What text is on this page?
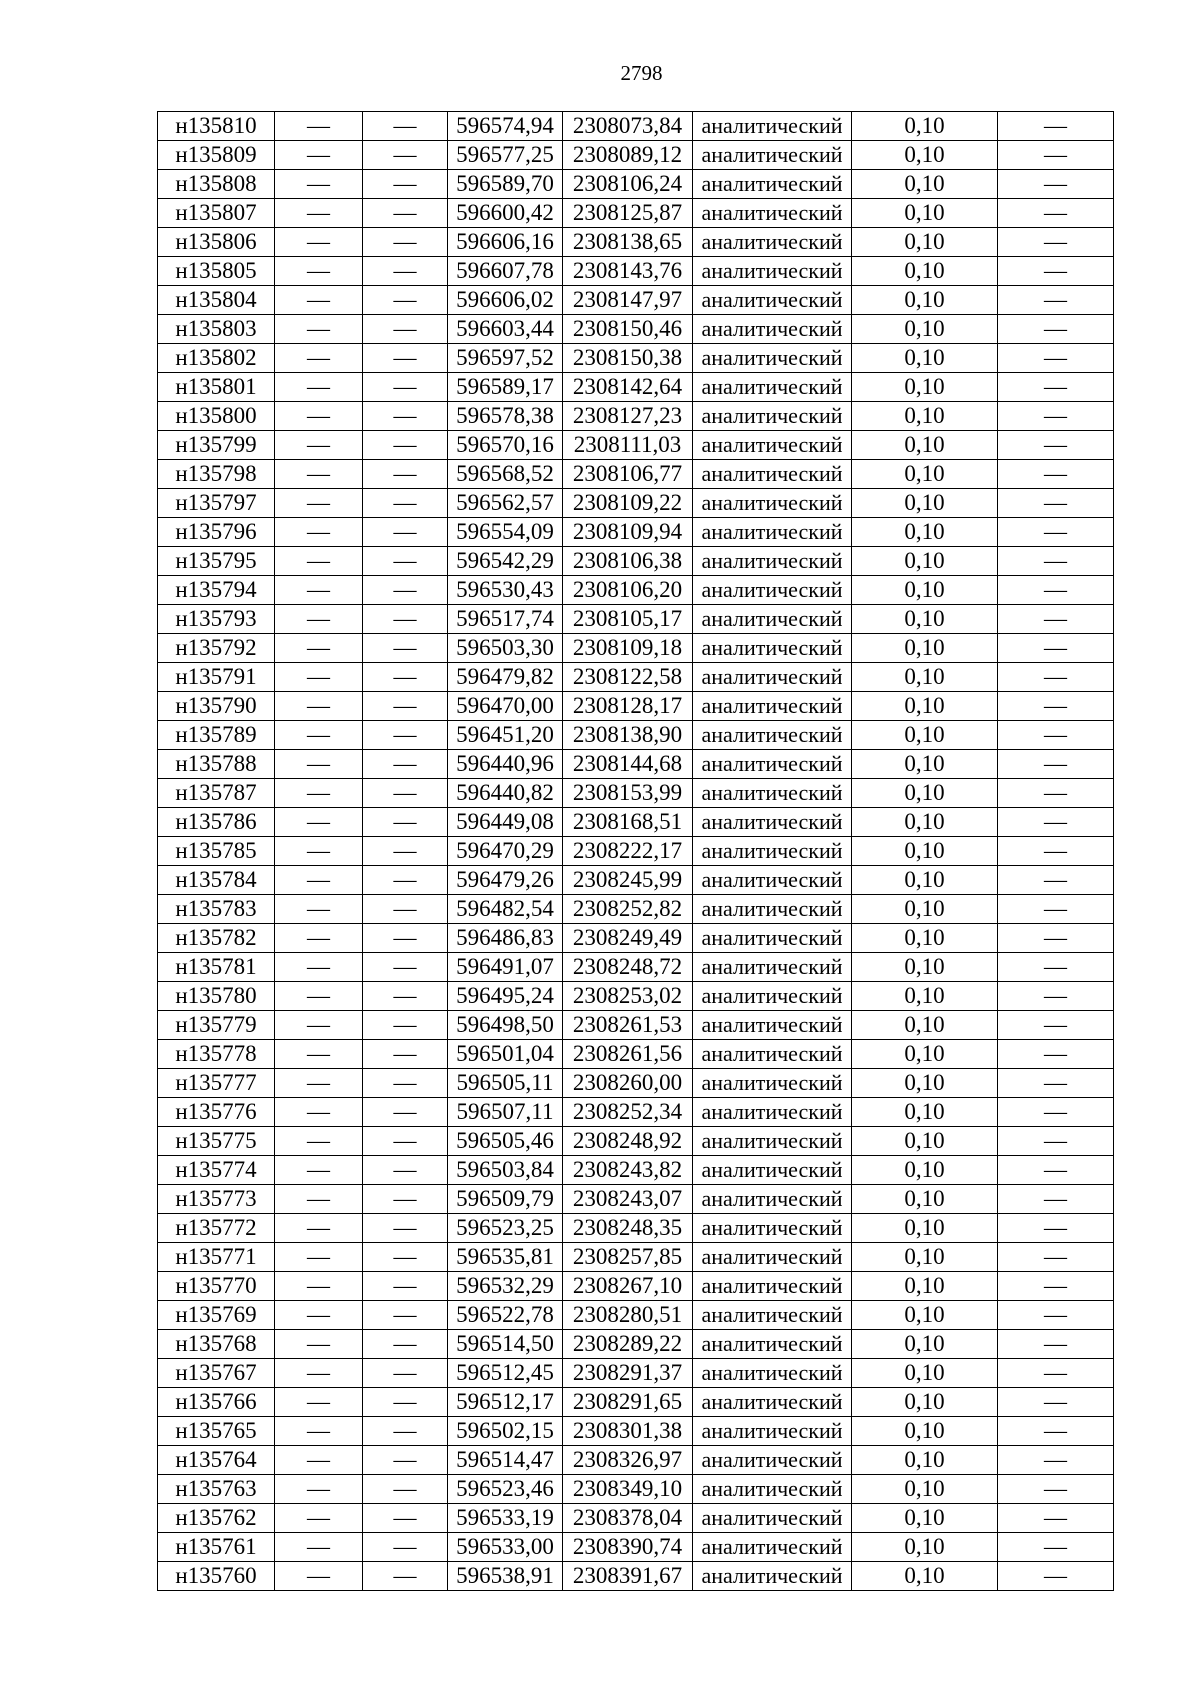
2798
н135810	—	—	596574,94	2308073,84	аналитический	0,10	—
н135809	—	—	596577,25	2308089,12	аналитический	0,10	—
н135808	—	—	596589,70	2308106,24	аналитический	0,10	—
н135807	—	—	596600,42	2308125,87	аналитический	0,10	—
н135806	—	—	596606,16	2308138,65	аналитический	0,10	—
н135805	—	—	596607,78	2308143,76	аналитический	0,10	—
н135804	—	—	596606,02	2308147,97	аналитический	0,10	—
н135803	—	—	596603,44	2308150,46	аналитический	0,10	—
н135802	—	—	596597,52	2308150,38	аналитический	0,10	—
н135801	—	—	596589,17	2308142,64	аналитический	0,10	—
н135800	—	—	596578,38	2308127,23	аналитический	0,10	—
н135799	—	—	596570,16	2308111,03	аналитический	0,10	—
н135798	—	—	596568,52	2308106,77	аналитический	0,10	—
н135797	—	—	596562,57	2308109,22	аналитический	0,10	—
н135796	—	—	596554,09	2308109,94	аналитический	0,10	—
н135795	—	—	596542,29	2308106,38	аналитический	0,10	—
н135794	—	—	596530,43	2308106,20	аналитический	0,10	—
н135793	—	—	596517,74	2308105,17	аналитический	0,10	—
н135792	—	—	596503,30	2308109,18	аналитический	0,10	—
н135791	—	—	596479,82	2308122,58	аналитический	0,10	—
н135790	—	—	596470,00	2308128,17	аналитический	0,10	—
н135789	—	—	596451,20	2308138,90	аналитический	0,10	—
н135788	—	—	596440,96	2308144,68	аналитический	0,10	—
н135787	—	—	596440,82	2308153,99	аналитический	0,10	—
н135786	—	—	596449,08	2308168,51	аналитический	0,10	—
н135785	—	—	596470,29	2308222,17	аналитический	0,10	—
н135784	—	—	596479,26	2308245,99	аналитический	0,10	—
н135783	—	—	596482,54	2308252,82	аналитический	0,10	—
н135782	—	—	596486,83	2308249,49	аналитический	0,10	—
н135781	—	—	596491,07	2308248,72	аналитический	0,10	—
н135780	—	—	596495,24	2308253,02	аналитический	0,10	—
н135779	—	—	596498,50	2308261,53	аналитический	0,10	—
н135778	—	—	596501,04	2308261,56	аналитический	0,10	—
н135777	—	—	596505,11	2308260,00	аналитический	0,10	—
н135776	—	—	596507,11	2308252,34	аналитический	0,10	—
н135775	—	—	596505,46	2308248,92	аналитический	0,10	—
н135774	—	—	596503,84	2308243,82	аналитический	0,10	—
н135773	—	—	596509,79	2308243,07	аналитический	0,10	—
н135772	—	—	596523,25	2308248,35	аналитический	0,10	—
н135771	—	—	596535,81	2308257,85	аналитический	0,10	—
н135770	—	—	596532,29	2308267,10	аналитический	0,10	—
н135769	—	—	596522,78	2308280,51	аналитический	0,10	—
н135768	—	—	596514,50	2308289,22	аналитический	0,10	—
н135767	—	—	596512,45	2308291,37	аналитический	0,10	—
н135766	—	—	596512,17	2308291,65	аналитический	0,10	—
н135765	—	—	596502,15	2308301,38	аналитический	0,10	—
н135764	—	—	596514,47	2308326,97	аналитический	0,10	—
н135763	—	—	596523,46	2308349,10	аналитический	0,10	—
н135762	—	—	596533,19	2308378,04	аналитический	0,10	—
н135761	—	—	596533,00	2308390,74	аналитический	0,10	—
н135760	—	—	596538,91	2308391,67	аналитический	0,10	—
